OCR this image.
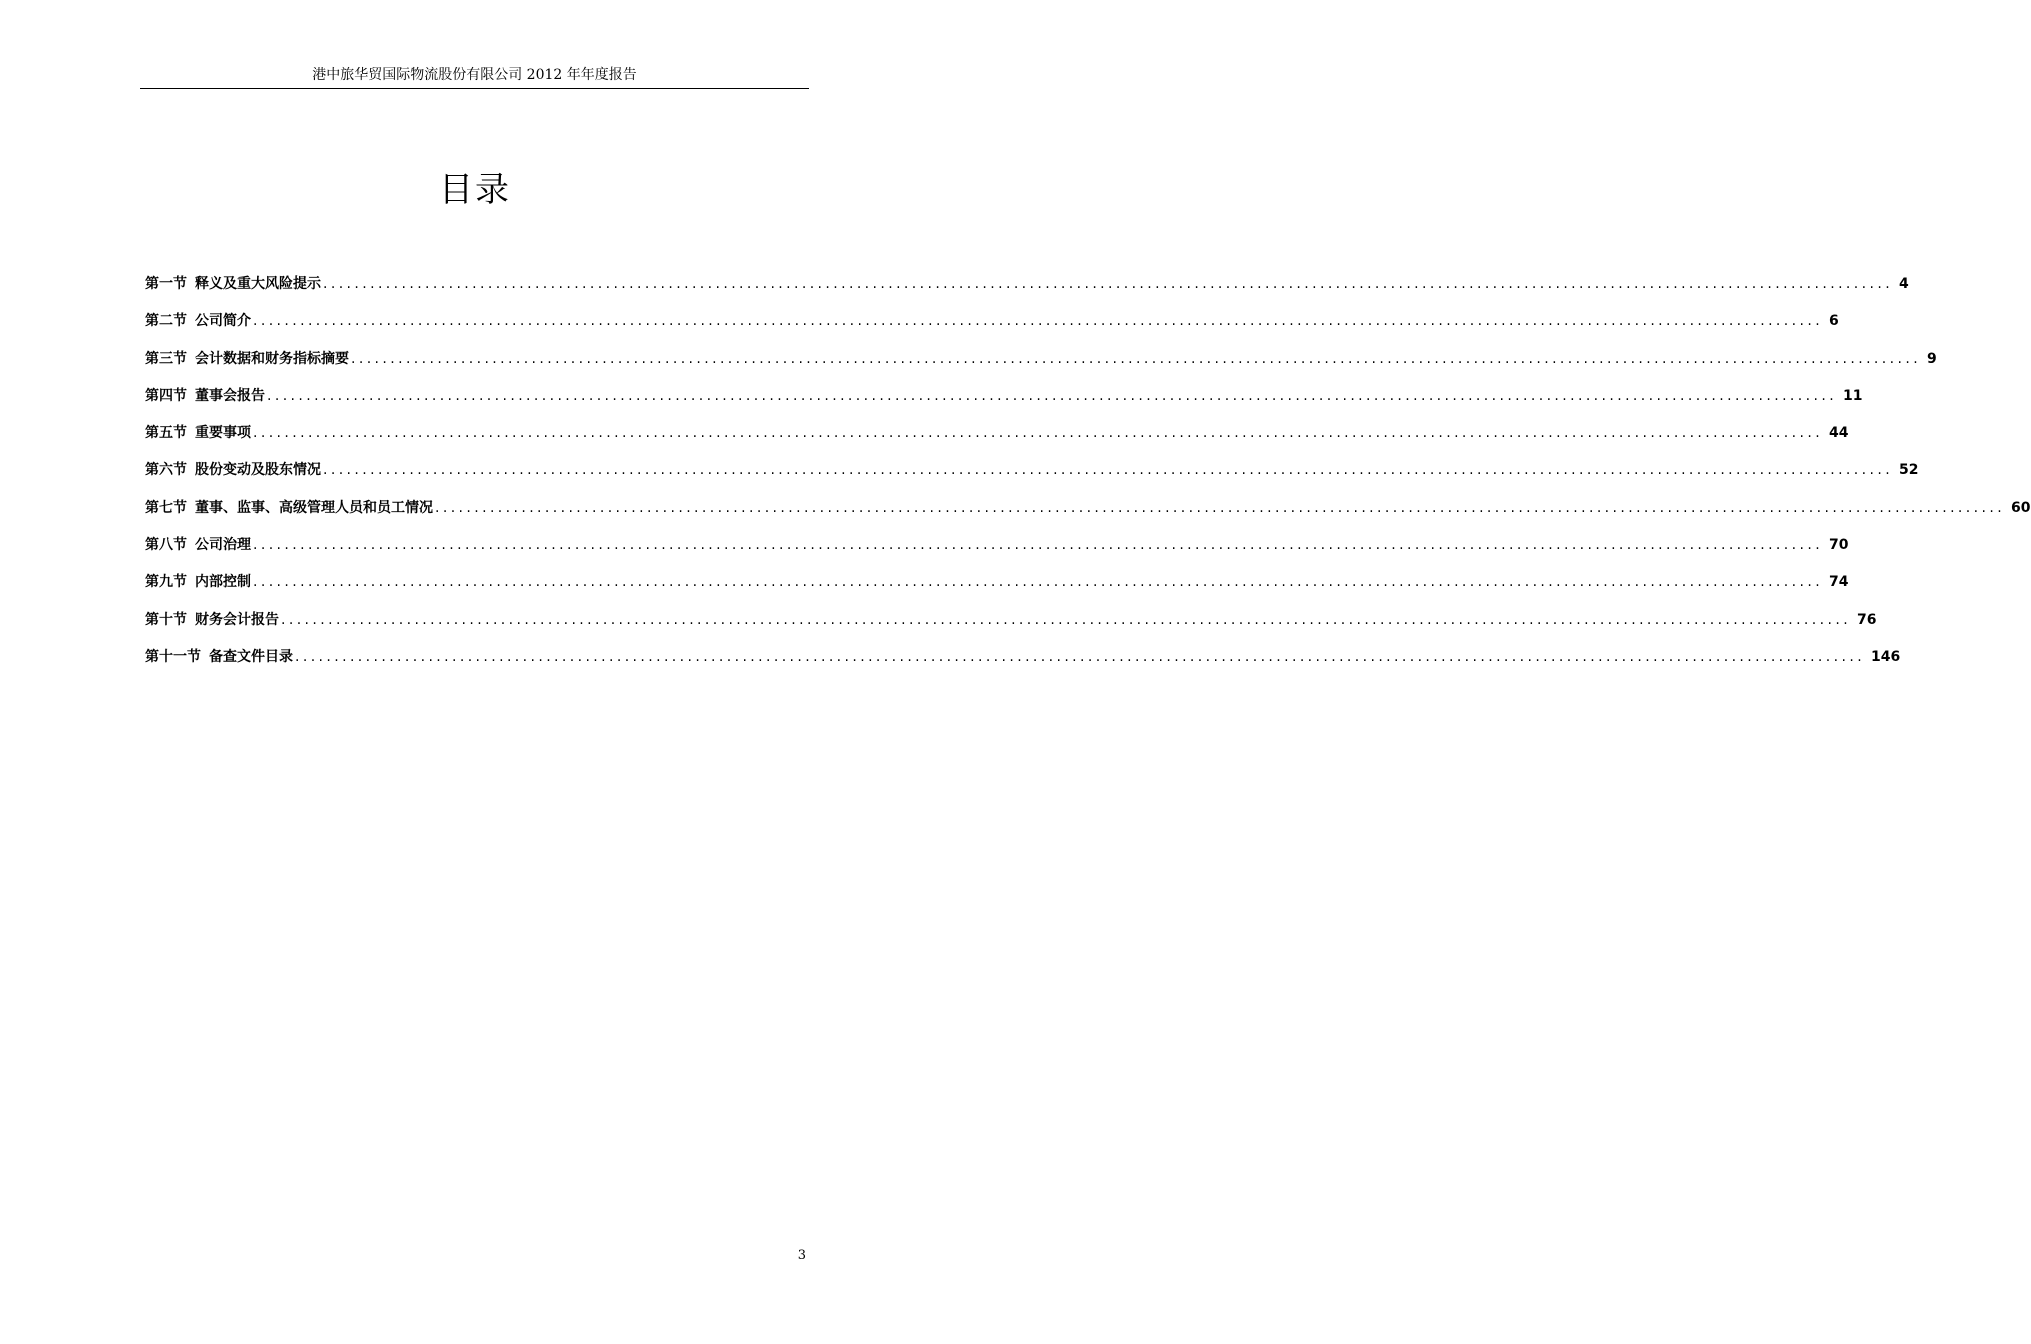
港中旅华贸国际物流股份有限公司 2012 年年度报告
目录
第一节 释义及重大风险提示 ........................................................................................................................................................................................................ 4
第二节 公司简介 ........................................................................................................................................................................................................ 6
第三节 会计数据和财务指标摘要 ........................................................................................................................................................................................................ 9
第四节 董事会报告 ........................................................................................................................................................................................................ 11
第五节 重要事项 ........................................................................................................................................................................................................ 44
第六节 股份变动及股东情况 ........................................................................................................................................................................................................ 52
第七节 董事、监事、高级管理人员和员工情况 ........................................................................................................................................................................................................ 60
第八节 公司治理 ........................................................................................................................................................................................................ 70
第九节 内部控制 ........................................................................................................................................................................................................ 74
第十节 财务会计报告 ........................................................................................................................................................................................................ 76
第十一节 备查文件目录 ........................................................................................................................................................................................................ 146
3
